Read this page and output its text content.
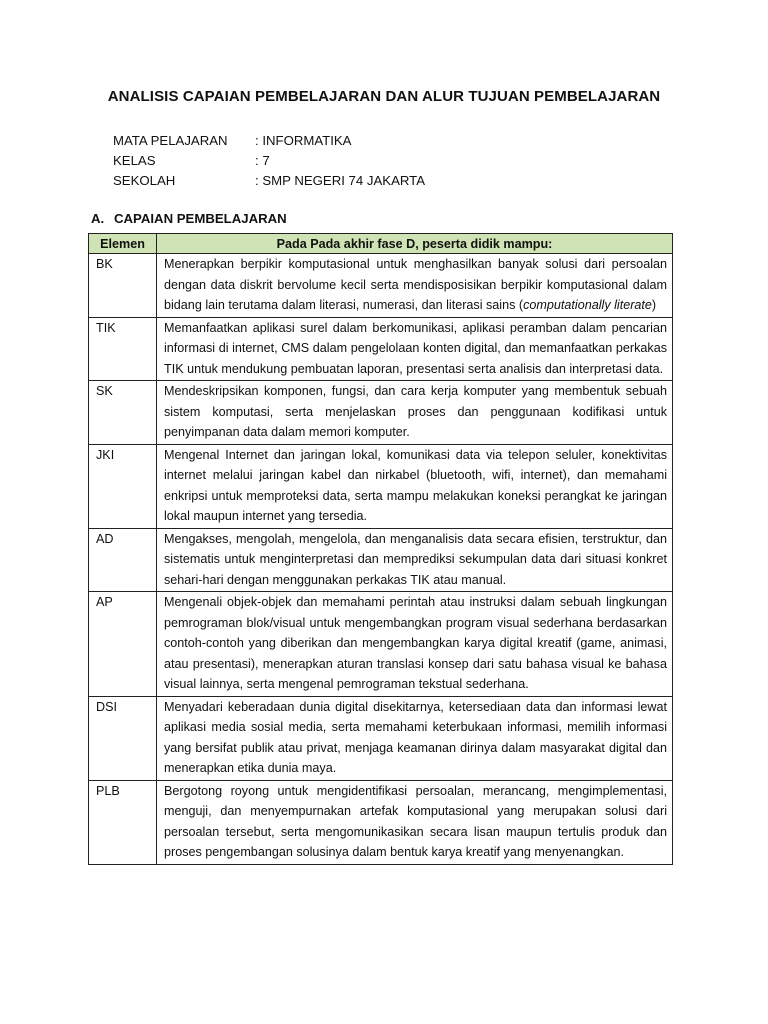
ANALISIS CAPAIAN PEMBELAJARAN DAN ALUR TUJUAN PEMBELAJARAN
MATA PELAJARAN	: INFORMATIKA
KELAS	: 7
SEKOLAH	: SMP NEGERI 74 JAKARTA
A. CAPAIAN PEMBELAJARAN
Elemen	Pada Pada akhir fase D, peserta didik mampu:
BK	Menerapkan berpikir komputasional untuk menghasilkan banyak solusi dari persoalan dengan data diskrit bervolume kecil serta mendisposisikan berpikir komputasional dalam bidang lain terutama dalam literasi, numerasi, dan literasi sains (computationally literate)
TIK	Memanfaatkan aplikasi surel dalam berkomunikasi, aplikasi peramban dalam pencarian informasi di internet, CMS dalam pengelolaan konten digital, dan memanfaatkan perkakas TIK untuk mendukung pembuatan laporan, presentasi serta analisis dan interpretasi data.
SK	Mendeskripsikan komponen, fungsi, dan cara kerja komputer yang membentuk sebuah sistem komputasi, serta menjelaskan proses dan penggunaan kodifikasi untuk penyimpanan data dalam memori komputer.
JKI	Mengenal Internet dan jaringan lokal, komunikasi data via telepon seluler, konektivitas internet melalui jaringan kabel dan nirkabel (bluetooth, wifi, internet), dan memahami enkripsi untuk memproteksi data, serta mampu melakukan koneksi perangkat ke jaringan lokal maupun internet yang tersedia.
AD	Mengakses, mengolah, mengelola, dan menganalisis data secara efisien, terstruktur, dan sistematis untuk menginterpretasi dan memprediksi sekumpulan data dari situasi konkret sehari-hari dengan menggunakan perkakas TIK atau manual.
AP	Mengenali objek-objek dan memahami perintah atau instruksi dalam sebuah lingkungan pemrograman blok/visual untuk mengembangkan program visual sederhana berdasarkan contoh-contoh yang diberikan dan mengembangkan karya digital kreatif (game, animasi, atau presentasi), menerapkan aturan translasi konsep dari satu bahasa visual ke bahasa visual lainnya, serta mengenal pemrograman tekstual sederhana.
DSI	Menyadari keberadaan dunia digital disekitarnya, ketersediaan data dan informasi lewat aplikasi media sosial media, serta memahami keterbukaan informasi, memilih informasi yang bersifat publik atau privat, menjaga keamanan dirinya dalam masyarakat digital dan menerapkan etika dunia maya.
PLB	Bergotong royong untuk mengidentifikasi persoalan, merancang, mengimplementasi, menguji, dan menyempurnakan artefak komputasional yang merupakan solusi dari persoalan tersebut, serta mengomunikasikan secara lisan maupun tertulis produk dan proses pengembangan solusinya dalam bentuk karya kreatif yang menyenangkan.
